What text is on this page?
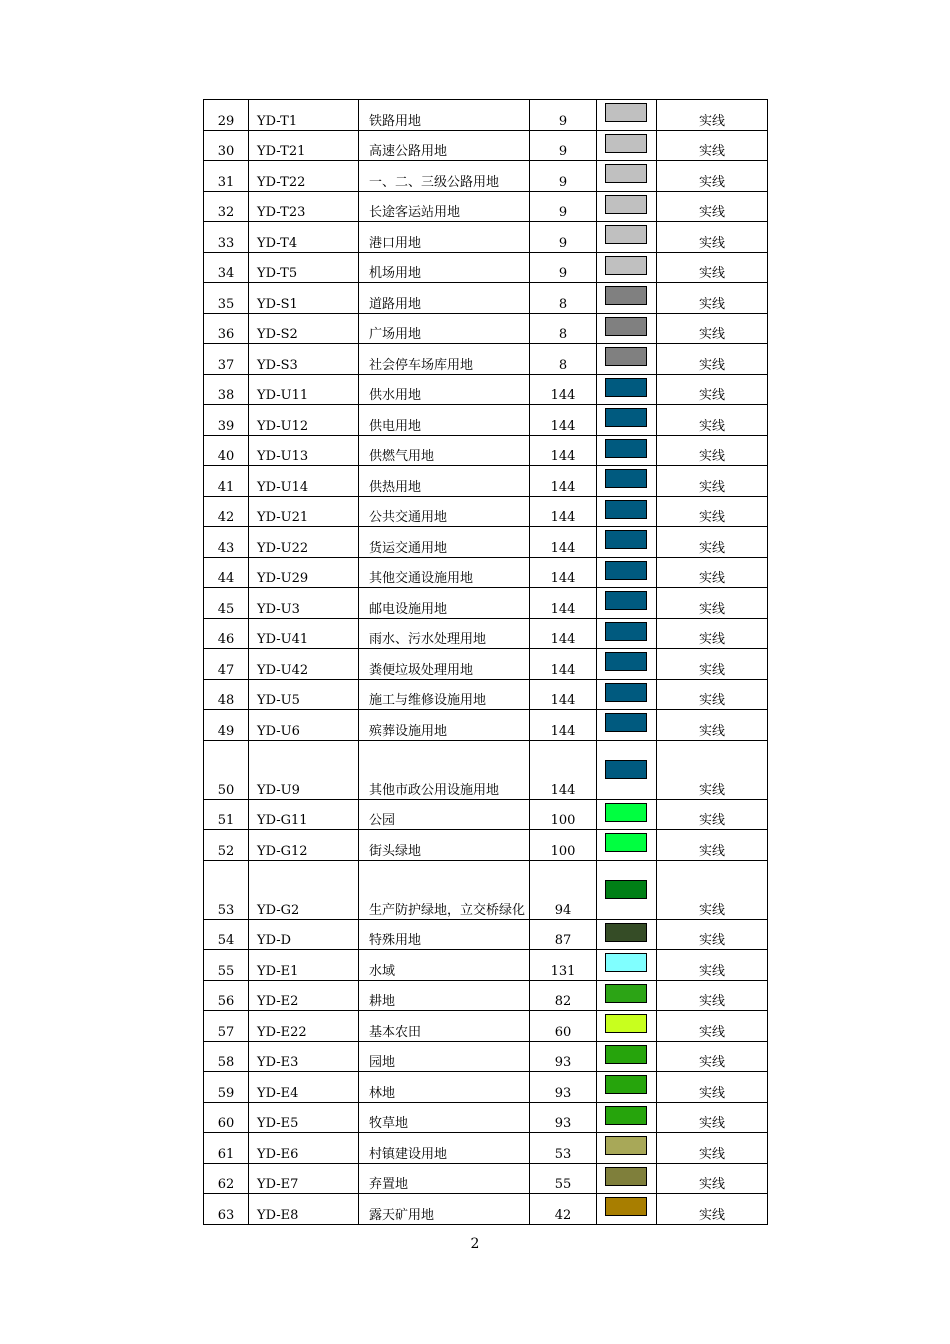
29	YD-T1	铁路用地	9		实线
30	YD-T21	高速公路用地	9		实线
31	YD-T22	一、二、三级公路用地	9		实线
32	YD-T23	长途客运站用地	9		实线
33	YD-T4	港口用地	9		实线
34	YD-T5	机场用地	9		实线
35	YD-S1	道路用地	8		实线
36	YD-S2	广场用地	8		实线
37	YD-S3	社会停车场库用地	8		实线
38	YD-U11	供水用地	144		实线
39	YD-U12	供电用地	144		实线
40	YD-U13	供燃气用地	144		实线
41	YD-U14	供热用地	144		实线
42	YD-U21	公共交通用地	144		实线
43	YD-U22	货运交通用地	144		实线
44	YD-U29	其他交通设施用地	144		实线
45	YD-U3	邮电设施用地	144		实线
46	YD-U41	雨水、污水处理用地	144		实线
47	YD-U42	粪便垃圾处理用地	144		实线
48	YD-U5	施工与维修设施用地	144		实线
49	YD-U6	殡葬设施用地	144		实线
50	YD-U9	其他市政公用设施用地	144		实线
51	YD-G11	公园	100		实线
52	YD-G12	街头绿地	100		实线
53	YD-G2	生产防护绿地，立交桥绿化	94		实线
54	YD-D	特殊用地	87		实线
55	YD-E1	水域	131		实线
56	YD-E2	耕地	82		实线
57	YD-E22	基本农田	60		实线
58	YD-E3	园地	93		实线
59	YD-E4	林地	93		实线
60	YD-E5	牧草地	93		实线
61	YD-E6	村镇建设用地	53		实线
62	YD-E7	弃置地	55		实线
63	YD-E8	露天矿用地	42		实线
2
